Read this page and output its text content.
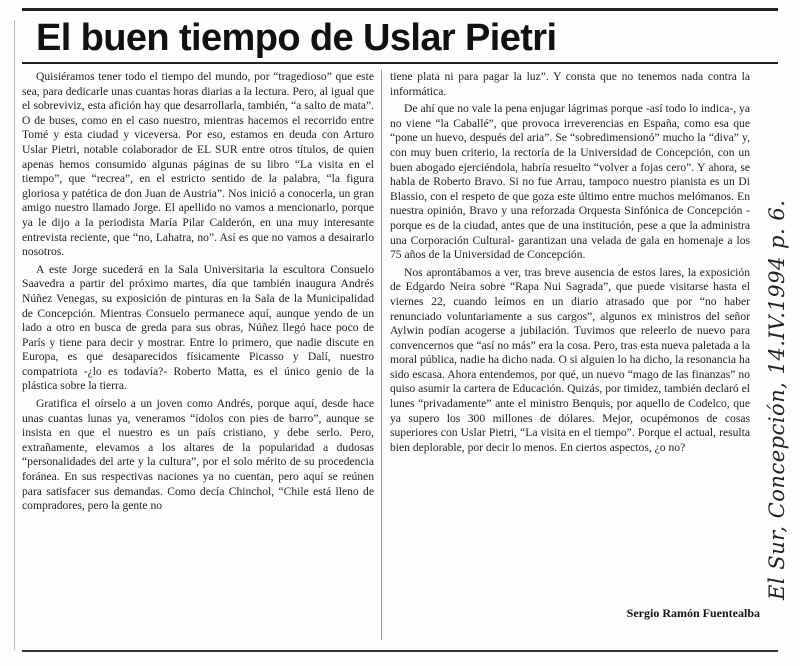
El buen tiempo de Uslar Pietri

Quisiéramos tener todo el tiempo del mundo, por “tragedioso” que este sea, para dedicarle unas cuantas horas diarias a la lectura. Pero, al igual que el sobreviviz, esta afición hay que desarrollarla, también, “a salto de mata”. O de buses, como en el caso nuestro, mientras hacemos el recorrido entre Tomé y esta ciudad y viceversa. Por eso, estamos en deuda con Arturo Uslar Pietri, notable colaborador de EL SUR entre otros títulos, de quien apenas hemos consumido algunas páginas de su libro “La visita en el tiempo”, que “recrea”, en el estricto sentido de la palabra, “la figura gloriosa y patética de don Juan de Austria”. Nos inició a conocerla, un gran amigo nuestro llamado Jorge. El apellido no vamos a mencionarlo, porque ya le dijo a la periodista María Pilar Calderón, en una muy interesante entrevista reciente, que “no, Lahatra, no”. Así es que no vamos a desairarlo nosotros.

A este Jorge sucederá en la Sala Universitaria la escultora Consuelo Saavedra a partir del próximo martes, día que también inaugura Andrés Núñez Venegas, su exposición de pinturas en la Sala de la Municipalidad de Concepción. Mientras Consuelo permanece aquí, aunque yendo de un lado a otro en busca de greda para sus obras, Núñez llegó hace poco de París y tiene para decir y mostrar. Entre lo primero, que nadie discute en Europa, es que desaparecidos físicamente Picasso y Dalí, nuestro compatriota -¿lo es todavía?- Roberto Matta, es el único genio de la plástica sobre la tierra.

Gratifica el oírselo a un joven como Andrés, porque aquí, desde hace unas cuantas lunas ya, veneramos “ídolos con pies de barro”, aunque se insista en que el nuestro es un país cristiano, y debe serlo. Pero, extrañamente, elevamos a los altares de la popularidad a dudosas “personalidades del arte y la cultura”, por el solo mérito de su procedencia foránea. En sus respectivas naciones ya no cuentan, pero aquí se reúnen para satisfacer sus demandas. Como decía Chinchol, “Chile está lleno de compradores, pero la gente no

tiene plata ni para pagar la luz”. Y consta que no tenemos nada contra la informática.

De ahí que no vale la pena enjugar lágrimas porque -así todo lo indica-, ya no viene “la Caballé”, que provoca irreverencias en España, como esa que “pone un huevo, después del aria”. Se “sobredimensionó” mucho la “diva” y, con muy buen criterio, la rectoría de la Universidad de Concepción, con un buen abogado ejerciéndola, habría resuelto “volver a fojas cero”. Y ahora, se habla de Roberto Bravo. Si no fue Arrau, tampoco nuestro pianista es un Di Blassio, con el respeto de que goza este último entre muchos melómanos. En nuestra opinión, Bravo y una reforzada Orquesta Sinfónica de Concepción -porque es de la ciudad, antes que de una institución, pese a que la administra una Corporación Cultural- garantizan una velada de gala en homenaje a los 75 años de la Universidad de Concepción.

Nos aprontábamos a ver, tras breve ausencia de estos lares, la exposición de Edgardo Neira sobre “Rapa Nui Sagrada”, que puede visitarse hasta el viernes 22, cuando leímos en un diario atrasado que por “no haber renunciado voluntariamente a sus cargos”, algunos ex ministros del señor Aylwin podían acogerse a jubilación. Tuvimos que releerlo de nuevo para convencernos que “así no más” era la cosa. Pero, tras esta nueva paletada a la moral pública, nadie ha dicho nada. O si alguien lo ha dicho, la resonancia ha sido escasa. Ahora entendemos, por qué, un nuevo “mago de las finanzas” no quiso asumir la cartera de Educación. Quizás, por timidez, también declaró el lunes “privadamente” ante el ministro Benquis, por aquello de Codelco, que ya supero los 300 millones de dólares. Mejor, ocupémonos de cosas superiores con Uslar Pietri, “La visita en el tiempo”. Porque el actual, resulta bien deplorable, por decir lo menos. En ciertos aspectos, ¿o no?

Sergio Ramón Fuentealba
El Sur, Concepción, 14.IV.1994 p. 6.
